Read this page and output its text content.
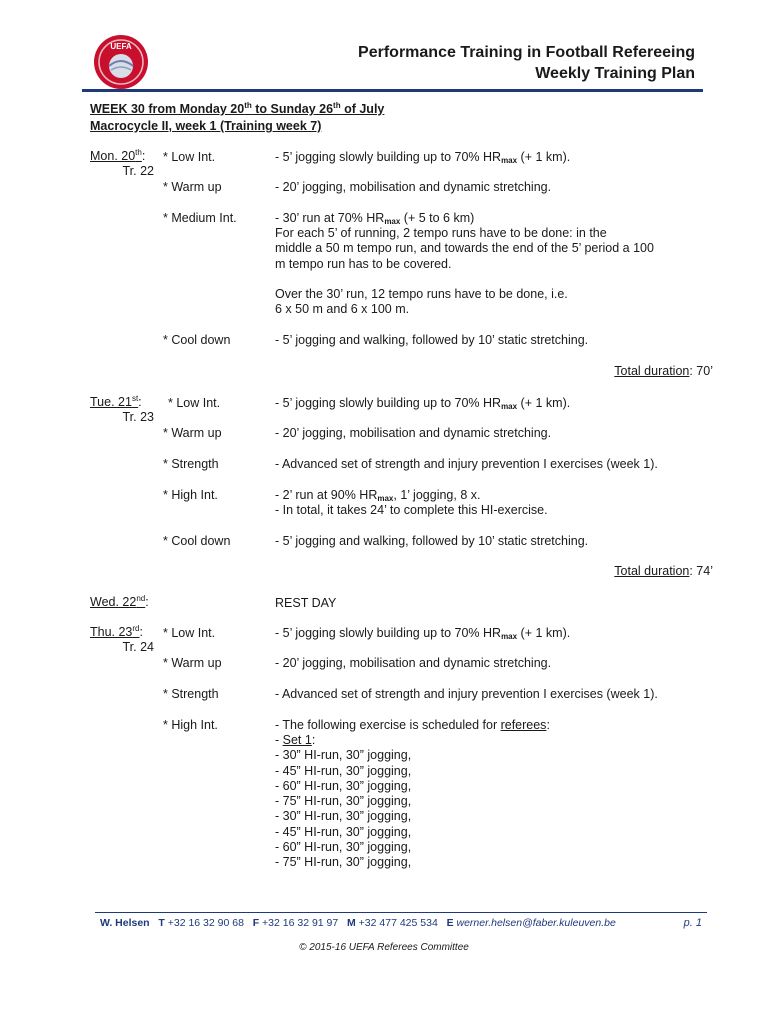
UEFA	Performance Training in Football Refereeing
Weekly Training Plan
WEEK 30 from Monday 20th to Sunday 26th of July
Macrocycle II, week 1 (Training week 7)
Mon. 20th:
Tr. 22
* Low Int.	- 5’ jogging slowly building up to 70% $HR_{max}$ (+ 1 km).
* Warm up	- 20’ jogging, mobilisation and dynamic stretching.
* Medium Int.	- 30’ run at 70% $HR_{max}$ (+ 5 to 6 km)
For each 5’ of running, 2 tempo runs have to be done: in the
middle a 50 m tempo run, and towards the end of the 5’ period a 100
m tempo run has to be covered.
Over the 30’ run, 12 tempo runs have to be done, i.e.
6 x 50 m and 6 x 100 m.
* Cool down	- 5’ jogging and walking, followed by 10’ static stretching.
Total duration: 70’
Tue. 21st:
Tr. 23
* Low Int.	- 5’ jogging slowly building up to 70% $HR_{max}$ (+ 1 km).
* Warm up	- 20’ jogging, mobilisation and dynamic stretching.
* Strength	- Advanced set of strength and injury prevention I exercises (week 1).
* High Int.	- 2’ run at 90% $HR_{max}$, 1’ jogging, 8 x.
- In total, it takes 24’ to complete this HI-exercise.
* Cool down	- 5’ jogging and walking, followed by 10’ static stretching.
Total duration: 74’
Wed. 22nd:	REST DAY
Thu. 23rd:
Tr. 24
* Low Int.	- 5’ jogging slowly building up to 70% $HR_{max}$ (+ 1 km).
* Warm up	- 20’ jogging, mobilisation and dynamic stretching.
* Strength	- Advanced set of strength and injury prevention I exercises (week 1).
* High Int.	- The following exercise is scheduled for referees:
- Set 1:
- 30” HI-run, 30” jogging,
- 45” HI-run, 30” jogging,
- 60” HI-run, 30” jogging,
- 75” HI-run, 30” jogging,
- 30” HI-run, 30” jogging,
- 45” HI-run, 30” jogging,
- 60” HI-run, 30” jogging,
- 75” HI-run, 30” jogging,
W. Helsen T +32 16 32 90 68 F +32 16 32 91 97 M +32 477 425 534 E werner.helsen@faber.kuleuven.be	p. 1
© 2015-16 UEFA Referees Committee
